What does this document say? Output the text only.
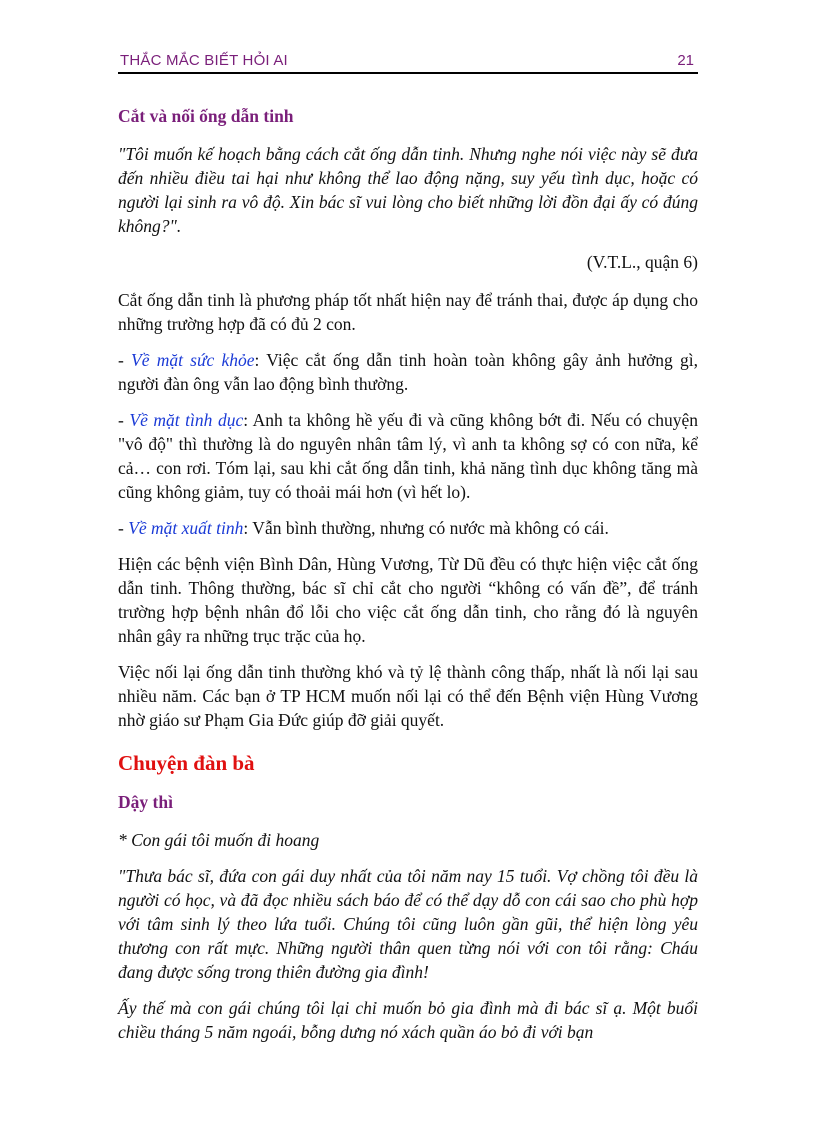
THẮC MẮC BIẾT HỎI AI	21
Cắt và nối ống dẫn tinh

"Tôi muốn kế hoạch bằng cách cắt ống dẫn tinh. Nhưng nghe nói việc này sẽ đưa đến nhiều điều tai hại như không thể lao động nặng, suy yếu tình dục, hoặc có người lại sinh ra vô độ. Xin bác sĩ vui lòng cho biết những lời đồn đại ấy có đúng không?".

(V.T.L., quận 6)

Cắt ống dẫn tinh là phương pháp tốt nhất hiện nay để tránh thai, được áp dụng cho những trường hợp đã có đủ 2 con.

- Về mặt sức khỏe: Việc cắt ống dẫn tinh hoàn toàn không gây ảnh hưởng gì, người đàn ông vẫn lao động bình thường.

- Về mặt tình dục: Anh ta không hề yếu đi và cũng không bớt đi. Nếu có chuyện "vô độ" thì thường là do nguyên nhân tâm lý, vì anh ta không sợ có con nữa, kể cả… con rơi. Tóm lại, sau khi cắt ống dẫn tinh, khả năng tình dục không tăng mà cũng không giảm, tuy có thoải mái hơn (vì hết lo).

- Về mặt xuất tinh: Vẫn bình thường, nhưng có nước mà không có cái.

Hiện các bệnh viện Bình Dân, Hùng Vương, Từ Dũ đều có thực hiện việc cắt ống dẫn tinh. Thông thường, bác sĩ chỉ cắt cho người “không có vấn đề”, để tránh trường hợp bệnh nhân đổ lỗi cho việc cắt ống dẫn tinh, cho rằng đó là nguyên nhân gây ra những trục trặc của họ.

Việc nối lại ống dẫn tinh thường khó và tỷ lệ thành công thấp, nhất là nối lại sau nhiều năm. Các bạn ở TP HCM muốn nối lại có thể đến Bệnh viện Hùng Vương nhờ giáo sư Phạm Gia Đức giúp đỡ giải quyết.

Chuyện đàn bà
Dậy thì

* Con gái tôi muốn đi hoang

"Thưa bác sĩ, đứa con gái duy nhất của tôi năm nay 15 tuổi. Vợ chồng tôi đều là người có học, và đã đọc nhiều sách báo để có thể dạy dỗ con cái sao cho phù hợp với tâm sinh lý theo lứa tuổi. Chúng tôi cũng luôn gần gũi, thể hiện lòng yêu thương con rất mực. Những người thân quen từng nói với con tôi rằng: Cháu đang được sống trong thiên đường gia đình!

Ấy thế mà con gái chúng tôi lại chỉ muốn bỏ gia đình mà đi bác sĩ ạ. Một buổi chiều tháng 5 năm ngoái, bỗng dưng nó xách quần áo bỏ đi với bạn
